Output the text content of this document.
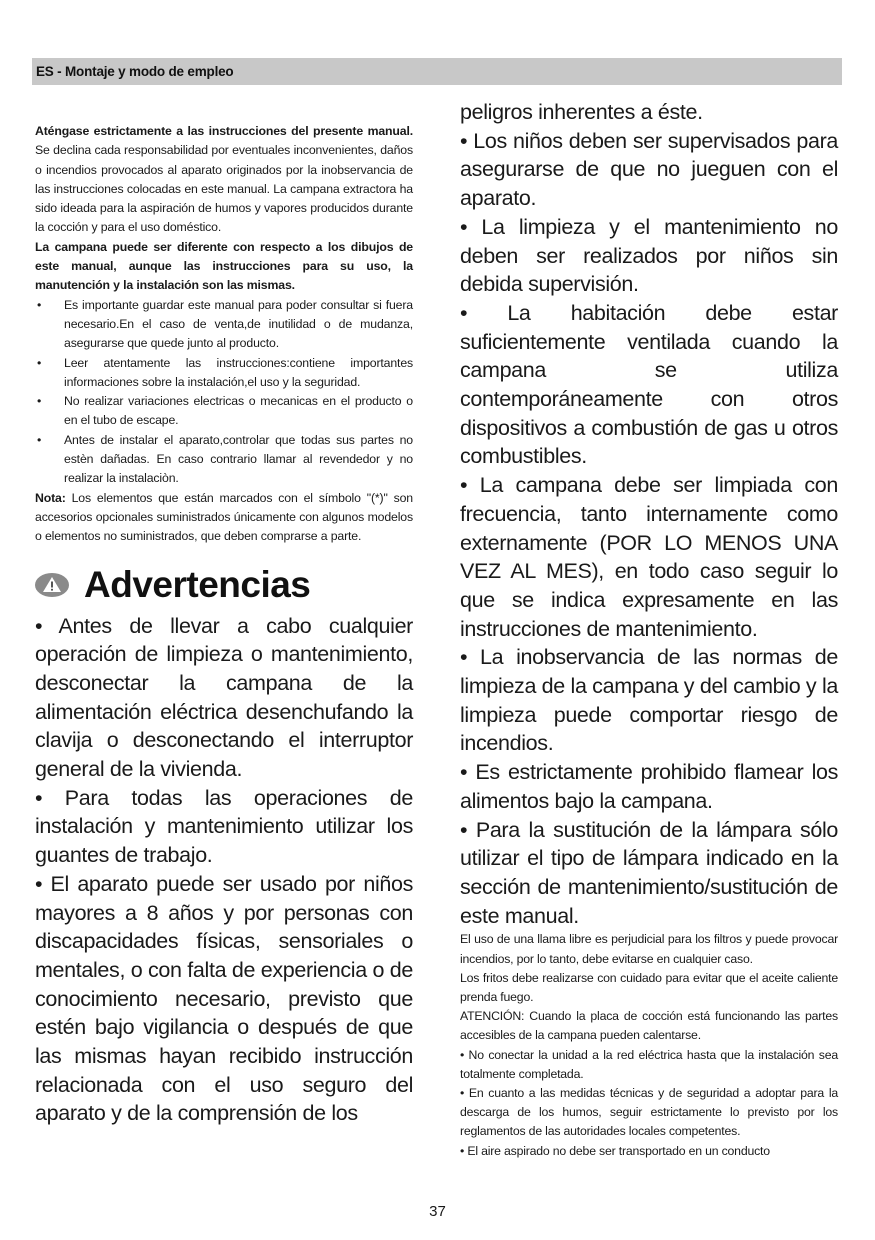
ES - Montaje y modo de empleo

Aténgase estrictamente a las instrucciones del presente manual. Se declina cada responsabilidad por eventuales inconvenientes, daños o incendios provocados al aparato originados por la inobservancia de las instrucciones colocadas en este manual. La campana extractora ha sido ideada para la aspiración de humos y vapores producidos durante la cocción y para el uso doméstico.

La campana puede ser diferente con respecto a los dibujos de este manual, aunque las instrucciones para su uso, la manutención y la instalación son las mismas.

• Es importante guardar este manual para poder consultar si fuera necesario.En el caso de venta,de inutilidad o de mudanza, asegurarse que quede junto al producto.
• Leer atentamente las instrucciones:contiene importantes informaciones sobre la instalación,el uso y la seguridad.
• No realizar variaciones electricas o mecanicas en el producto o en el tubo de escape.
• Antes de instalar el aparato,controlar que todas sus partes no estèn dañadas. En caso contrario llamar al revendedor y no realizar la instalaciòn.

Nota: Los elementos que están marcados con el símbolo "(*)" son accesorios opcionales suministrados únicamente con algunos modelos o elementos no suministrados, que deben comprarse a parte.

Advertencias

• Antes de llevar a cabo cualquier operación de limpieza o mantenimiento, desconectar la campana de la alimentación eléctrica desenchufando la clavija o desconectando el interruptor general de la vivienda.

• Para todas las operaciones de instalación y mantenimiento utilizar los guantes de trabajo.

• El aparato puede ser usado por niños mayores a 8 años y por personas con discapacidades físicas, sensoriales o mentales, o con falta de experiencia o de conocimiento necesario, previsto que estén bajo vigilancia o después de que las mismas hayan recibido instrucción relacionada con el uso seguro del aparato y de la comprensión de los

peligros inherentes a éste.

• Los niños deben ser supervisados para asegurarse de que no jueguen con el aparato.

• La limpieza y el mantenimiento no deben ser realizados por niños sin debida supervisión.

• La habitación debe estar suficientemente ventilada cuando la campana se utiliza contemporáneamente con otros dispositivos a combustión de gas u otros combustibles.

• La campana debe ser limpiada con frecuencia, tanto internamente como externamente (POR LO MENOS UNA VEZ AL MES), en todo caso seguir lo que se indica expresamente en las instrucciones de mantenimiento.

• La inobservancia de las normas de limpieza de la campana y del cambio y la limpieza puede comportar riesgo de incendios.

• Es estrictamente prohibido flamear los alimentos bajo la campana.

• Para la sustitución de la lámpara sólo utilizar el tipo de lámpara indicado en la sección de mantenimiento/sustitución de este manual.

El uso de una llama libre es perjudicial para los filtros y puede provocar incendios, por lo tanto, debe evitarse en cualquier caso.

Los fritos debe realizarse con cuidado para evitar que el aceite caliente prenda fuego.

ATENCIÓN: Cuando la placa de cocción está funcionando las partes accesibles de la campana pueden calentarse.

• No conectar la unidad a la red eléctrica hasta que la instalación sea totalmente completada.

• En cuanto a las medidas técnicas y de seguridad a adoptar para la descarga de los humos, seguir estrictamente lo previsto por los reglamentos de las autoridades locales competentes.

• El aire aspirado no debe ser transportado en un conducto

37
